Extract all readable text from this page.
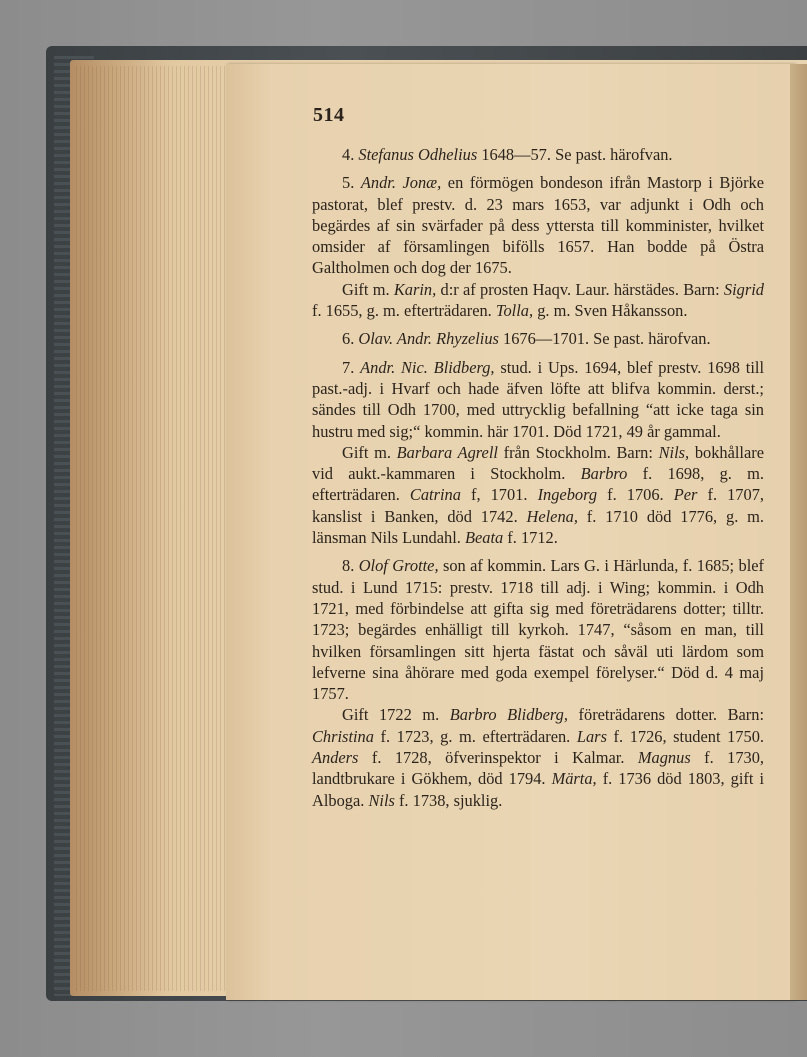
514

4. Stefanus Odhelius 1648—57. Se past. härofvan.

5. Andr. Jonæ, en förmögen bondeson ifrån Mastorp i Björke pastorat, blef prestv. d. 23 mars 1653, var adjunkt i Odh och begärdes af sin svärfader på dess yttersta till komminister, hvilket omsider af församlingen bifölls 1657. Han bodde på Östra Galtholmen och dog der 1675.

Gift m. Karin, d:r af prosten Haqv. Laur. härstädes. Barn: Sigrid f. 1655, g. m. efterträdaren. Tolla, g. m. Sven Håkansson.

6. Olav. Andr. Rhyzelius 1676—1701. Se past. härofvan.

7. Andr. Nic. Blidberg, stud. i Ups. 1694, blef prestv. 1698 till past.-adj. i Hvarf och hade äfven löfte att blifva kommin. derst.; sändes till Odh 1700, med uttrycklig befallning “att icke taga sin hustru med sig;“ kommin. här 1701. Död 1721, 49 år gammal.

Gift m. Barbara Agrell från Stockholm. Barn: Nils, bokhållare vid aukt.-kammaren i Stockholm. Barbro f. 1698, g. m. efterträdaren. Catrina f, 1701. Ingeborg f. 1706. Per f. 1707, kanslist i Banken, död 1742. Helena, f. 1710 död 1776, g. m. länsman Nils Lundahl. Beata f. 1712.

8. Olof Grotte, son af kommin. Lars G. i Härlunda, f. 1685; blef stud. i Lund 1715: prestv. 1718 till adj. i Wing; kommin. i Odh 1721, med förbindelse att gifta sig med företrädarens dotter; tilltr. 1723; begärdes enhälligt till kyrkoh. 1747, “såsom en man, till hvilken församlingen sitt hjerta fästat och såväl uti lärdom som lefverne sina åhörare med goda exempel förelyser.“ Död d. 4 maj 1757.

Gift 1722 m. Barbro Blidberg, företrädarens dotter. Barn: Christina f. 1723, g. m. efterträdaren. Lars f. 1726, student 1750. Anders f. 1728, öfverinspektor i Kalmar. Magnus f. 1730, landtbrukare i Gökhem, död 1794. Märta, f. 1736 död 1803, gift i Alboga. Nils f. 1738, sjuklig.
